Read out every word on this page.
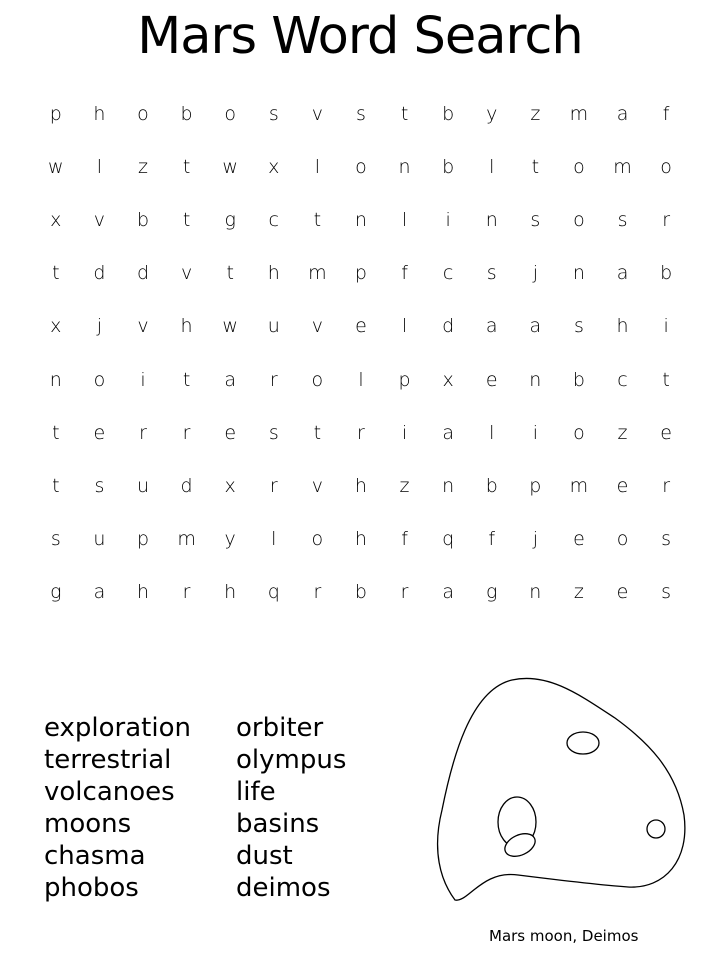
Mars Word Search
p	h	o	b	o	s	v	s	t	b	y	z	m	a	f
w	l	z	t	w	x	l	o	n	b	l	t	o	m	o
x	v	b	t	g	c	t	n	l	i	n	s	o	s	r
t	d	d	v	t	h	m	p	f	c	s	j	n	a	b
x	j	v	h	w	u	v	e	l	d	a	a	s	h	i
n	o	i	t	a	r	o	l	p	x	e	n	b	c	t
t	e	r	r	e	s	t	r	i	a	l	i	o	z	e
t	s	u	d	x	r	v	h	z	n	b	p	m	e	r
s	u	p	m	y	l	o	h	f	q	f	j	e	o	s
g	a	h	r	h	q	r	b	r	a	g	n	z	e	s
exploration
terrestrial
volcanoes
moons
chasma
phobos
orbiter
olympus
life
basins
dust
deimos
Mars moon, Deimos
